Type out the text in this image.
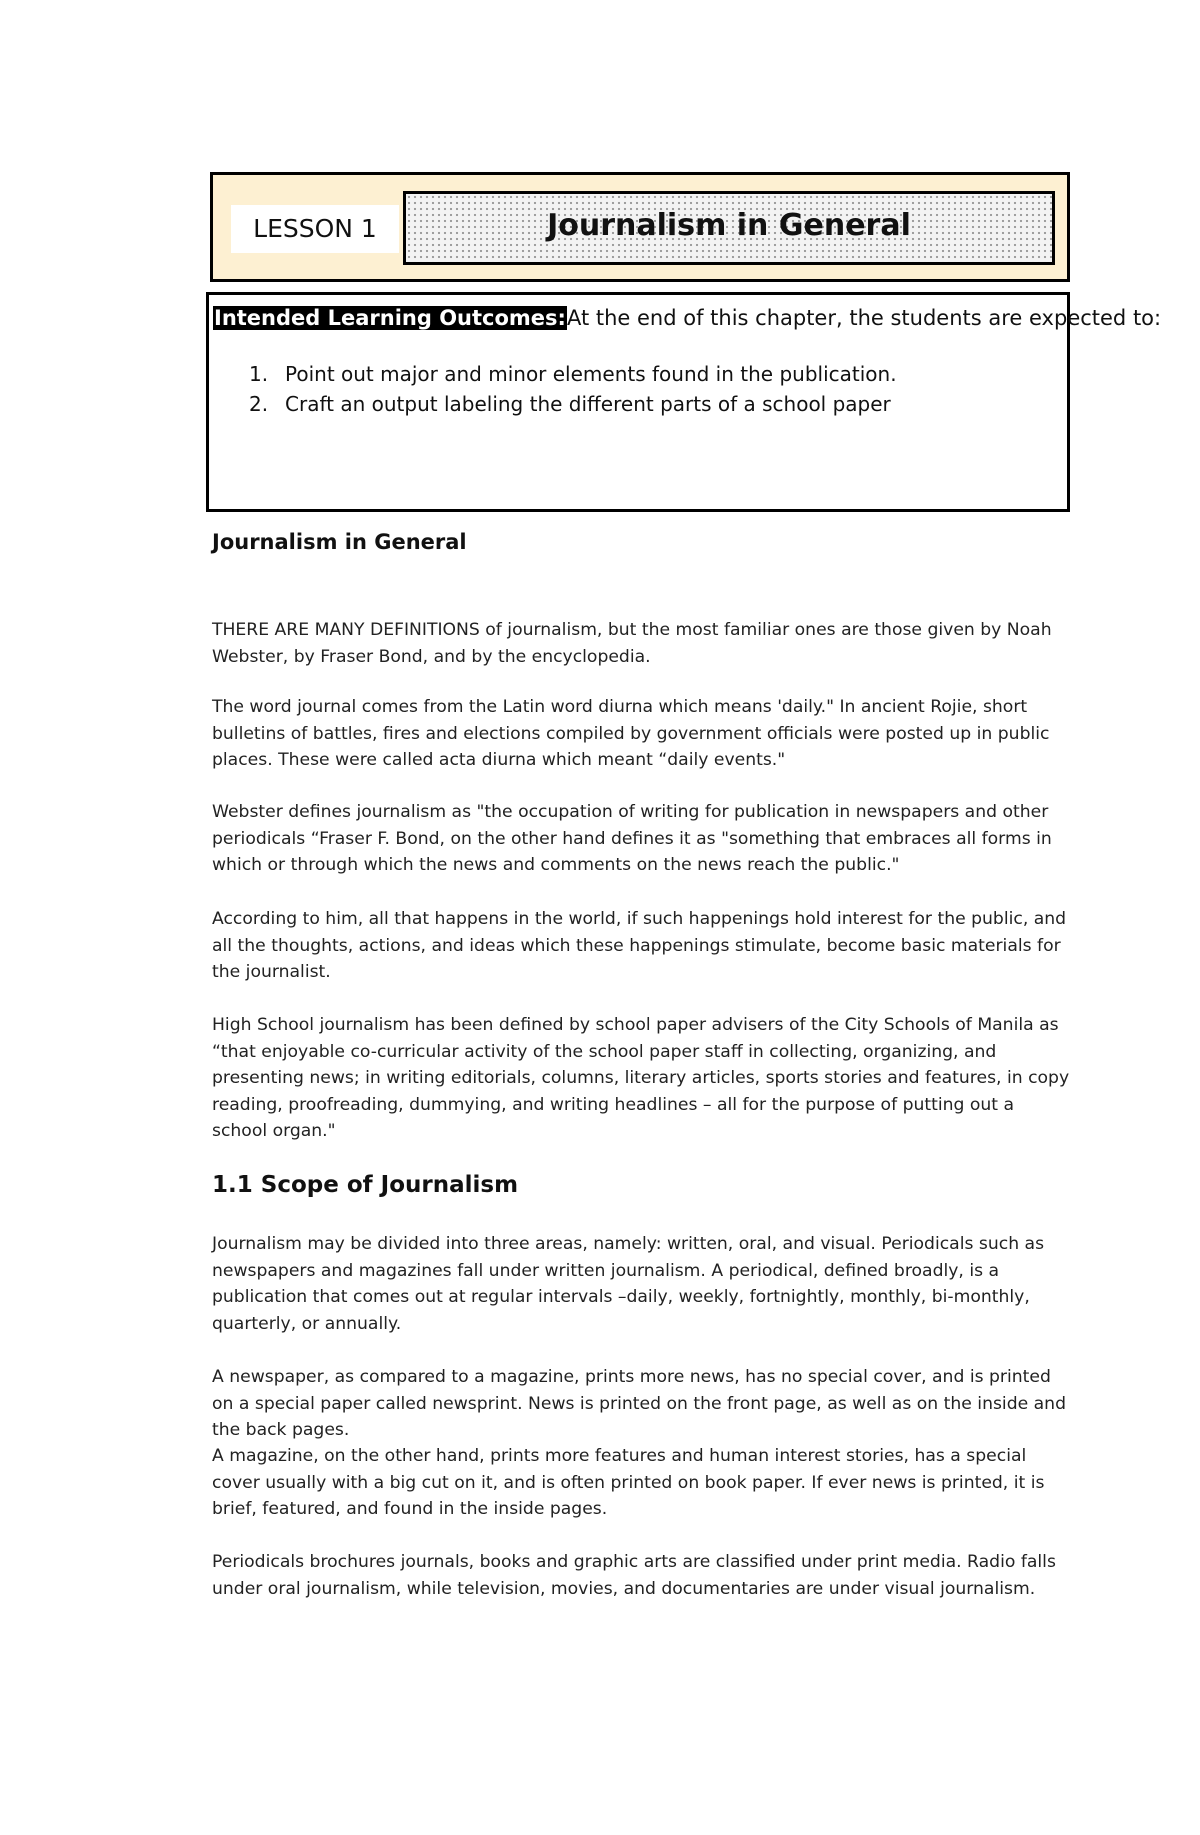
LESSON 1	Journalism in General
Intended Learning Outcomes:At the end of this chapter, the students are expected to:
1. Point out major and minor elements found in the publication.
2. Craft an output labeling the different parts of a school paper
Journalism in General

THERE ARE MANY DEFINITIONS of journalism, but the most familiar ones are those given by Noah Webster, by Fraser Bond, and by the encyclopedia.

The word journal comes from the Latin word diurna which means 'daily." In ancient Rojie, short bulletins of battles, fires and elections compiled by government officials were posted up in public places. These were called acta diurna which meant “daily events."

Webster defines journalism as "the occupation of writing for publication in newspapers and other periodicals “Fraser F. Bond, on the other hand defines it as "something that embraces all forms in which or through which the news and comments on the news reach the public."

According to him, all that happens in the world, if such happenings hold interest for the public, and all the thoughts, actions, and ideas which these happenings stimulate, become basic materials for the journalist.

High School journalism has been defined by school paper advisers of the City Schools of Manila as “that enjoyable co-curricular activity of the school paper staff in collecting, organizing, and presenting news; in writing editorials, columns, literary articles, sports stories and features, in copy reading, proofreading, dummying, and writing headlines – all for the purpose of putting out a school organ."

1.1 Scope of Journalism

Journalism may be divided into three areas, namely: written, oral, and visual. Periodicals such as newspapers and magazines fall under written journalism. A periodical, defined broadly, is a publication that comes out at regular intervals –daily, weekly, fortnightly, monthly, bi-monthly, quarterly, or annually.

A newspaper, as compared to a magazine, prints more news, has no special cover, and is printed on a special paper called newsprint. News is printed on the front page, as well as on the inside and the back pages.

A magazine, on the other hand, prints more features and human interest stories, has a special cover usually with a big cut on it, and is often printed on book paper. If ever news is printed, it is brief, featured, and found in the inside pages.

Periodicals brochures journals, books and graphic arts are classified under print media. Radio falls under oral journalism, while television, movies, and documentaries are under visual journalism.
